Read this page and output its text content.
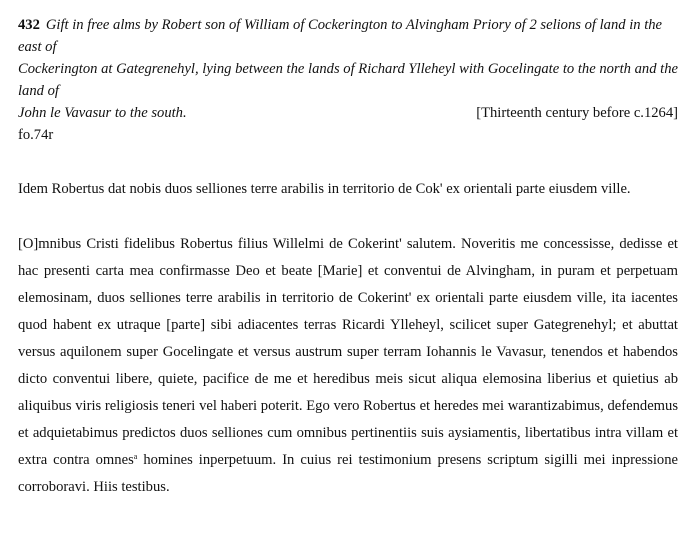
432 Gift in free alms by Robert son of William of Cockerington to Alvingham Priory of 2 selions of land in the east of
Cockerington at Gategrenehyl, lying between the lands of Richard Ylleheyl with Gocelingate to the north and the land of
John le Vavasur to the south.	[Thirteenth century before c.1264]
fo.74r

Idem Robertus dat nobis duos selliones terre arabilis in territorio de Cok' ex orientali parte eiusdem ville.

[O]mnibus Cristi fidelibus Robertus filius Willelmi de Cokerint' salutem. Noveritis me concessisse, dedisse et hac presenti carta mea confirmasse Deo et beate [Marie] et conventui de Alvingham, in puram et perpetuam elemosinam, duos selliones terre arabilis in territorio de Cokerint' ex orientali parte eiusdem ville, ita iacentes quod habent ex utraque [parte] sibi adiacentes terras Ricardi Ylleheyl, scilicet super Gategrenehyl; et abuttat versus aquilonem super Gocelingate et versus austrum super terram Iohannis le Vavasur, tenendos et habendos dicto conventui libere, quiete, pacifice de me et heredibus meis sicut aliqua elemosina liberius et quietius ab aliquibus viris religiosis teneri vel haberi poterit. Ego vero Robertus et heredes mei warantizabimus, defendemus et adquietabimus predictos duos selliones cum omnibus pertinentiis suis aysiamentis, libertatibus intra villam et extra contra omnes$^a$ homines inperpetuum. In cuius rei testimonium presens scriptum sigilli mei inpressione corroboravi. Hiis testibus.
